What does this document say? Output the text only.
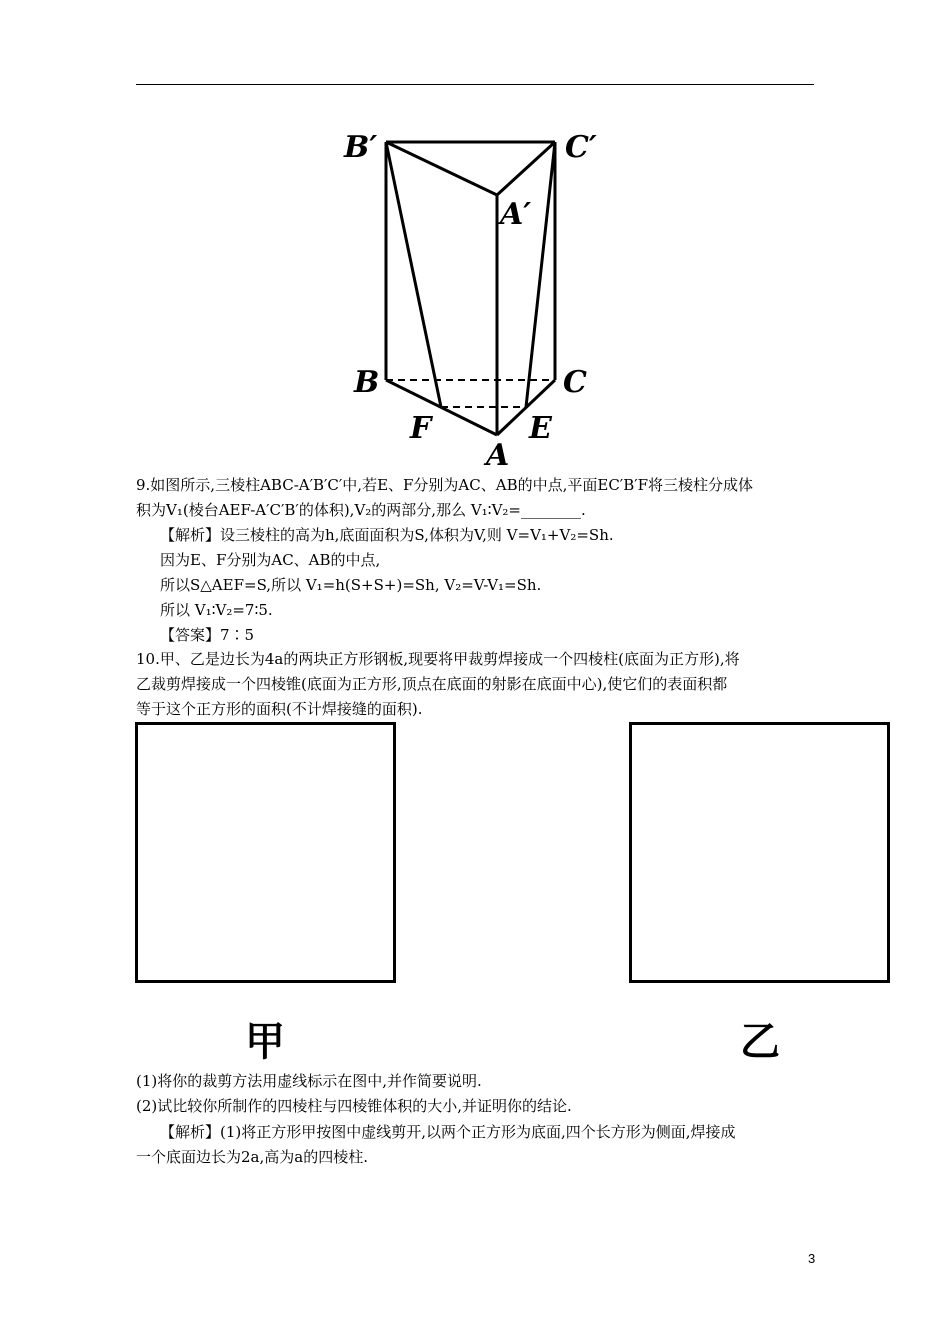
B′	C′
A′
B	C
F	E
A
9.如图所示,三棱柱ABC-A′B′C′中,若E、F分别为AC、AB的中点,平面EC′B′F将三棱柱分成体
积为V₁(棱台AEF-A′C′B′的体积),V₂的两部分,那么 V₁∶V₂=________.
【解析】设三棱柱的高为h,底面面积为S,体积为V,则 V=V₁+V₂=Sh.
因为E、F分别为AC、AB的中点,
所以S△AEF=S,所以 V₁=h(S+S+)=Sh, V₂=V-V₁=Sh.
所以 V₁∶V₂=7∶5.
【答案】7∶5
10.甲、乙是边长为4a的两块正方形钢板,现要将甲裁剪焊接成一个四棱柱(底面为正方形),将
乙裁剪焊接成一个四棱锥(底面为正方形,顶点在底面的射影在底面中心),使它们的表面积都
等于这个正方形的面积(不计焊接缝的面积).
甲	乙
(1)将你的裁剪方法用虚线标示在图中,并作简要说明.
(2)试比较你所制作的四棱柱与四棱锥体积的大小,并证明你的结论.
【解析】(1)将正方形甲按图中虚线剪开,以两个正方形为底面,四个长方形为侧面,焊接成
一个底面边长为2a,高为a的四棱柱.
3
